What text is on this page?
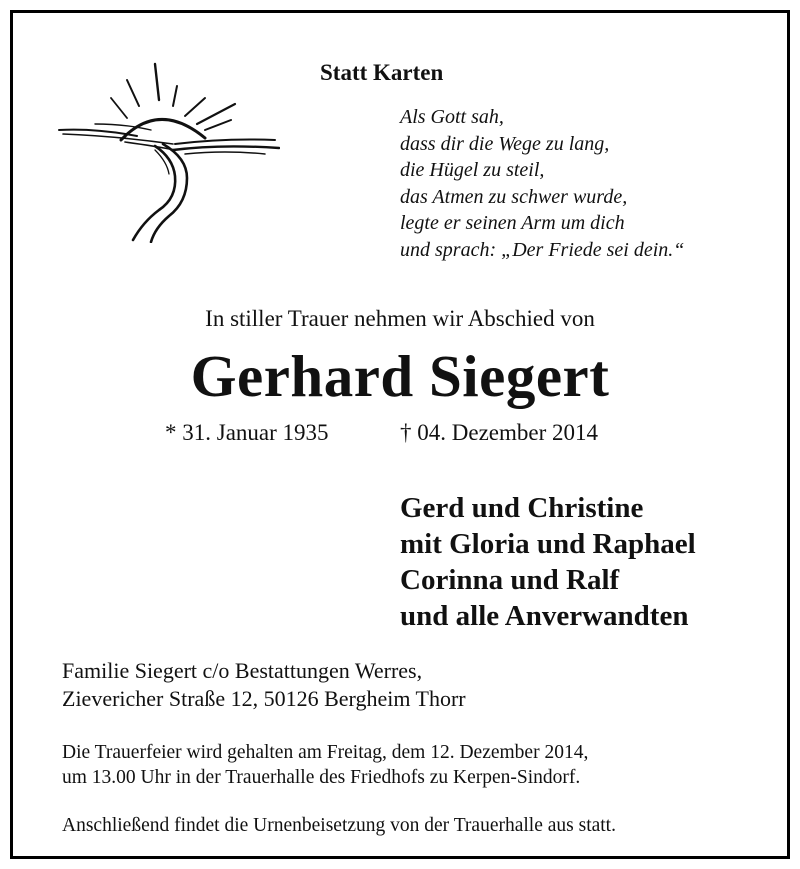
Statt Karten
Als Gott sah,
dass dir die Wege zu lang,
die Hügel zu steil,
das Atmen zu schwer wurde,
legte er seinen Arm um dich
und sprach: „Der Friede sei dein.“
In stiller Trauer nehmen wir Abschied von
Gerhard Siegert
* 31. Januar 1935	† 04. Dezember 2014
Gerd und Christine
mit Gloria und Raphael
Corinna und Ralf
und alle Anverwandten
Familie Siegert c/o Bestattungen Werres,
Zievericher Straße 12, 50126 Bergheim Thorr
Die Trauerfeier wird gehalten am Freitag, dem 12. Dezember 2014,
um 13.00 Uhr in der Trauerhalle des Friedhofs zu Kerpen-Sindorf.
Anschließend findet die Urnenbeisetzung von der Trauerhalle aus statt.
